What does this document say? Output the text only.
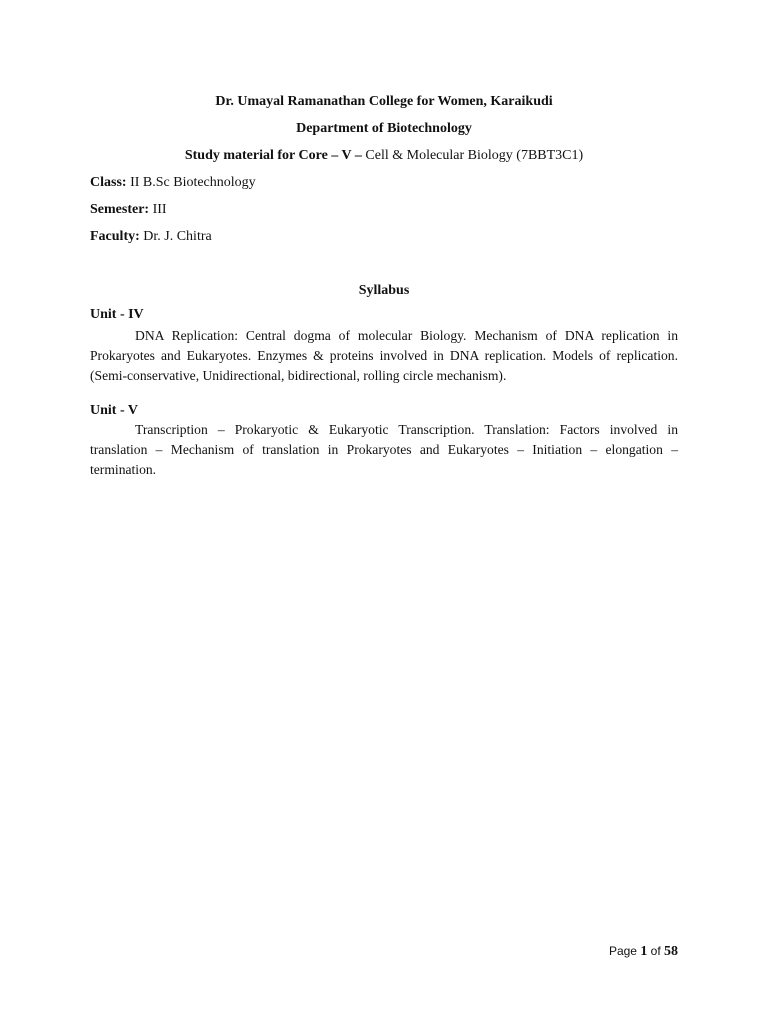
Dr. Umayal Ramanathan College for Women, Karaikudi
Department of Biotechnology
Study material for Core – V – Cell & Molecular Biology (7BBT3C1)
Class: II B.Sc Biotechnology
Semester: III
Faculty: Dr. J. Chitra
Syllabus
Unit - IV
DNA Replication: Central dogma of molecular Biology. Mechanism of DNA replication in Prokaryotes and Eukaryotes. Enzymes & proteins involved in DNA replication. Models of replication. (Semi-conservative, Unidirectional, bidirectional, rolling circle mechanism).
Unit - V
Transcription – Prokaryotic & Eukaryotic Transcription. Translation: Factors involved in translation – Mechanism of translation in Prokaryotes and Eukaryotes – Initiation – elongation – termination.
Page 1 of 58
